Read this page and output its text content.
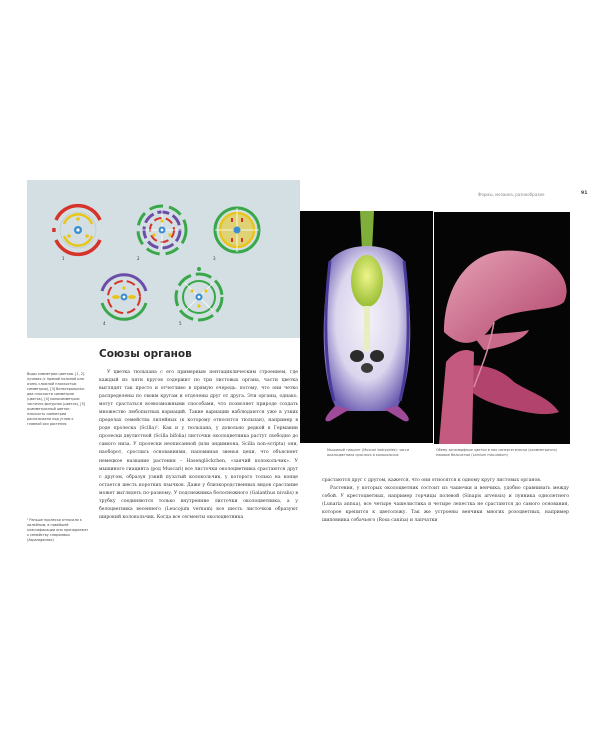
1	2	3
4	5
Союзы органов

Виды симметрии цветков. [1, 2] лучевая (с прямой полиной или очень сложной плоскостью симметрии), [3] билатеральная: два плоскости симметрии (цветок), [4] моносимметрия: частично фигурная (цветок), [5] асимметричный цветок: плоскость симметрии расположена под углом к главной оси растения

¹ Раньше пролески относили к лилейным, в новейшей классификации они принадлежат к семейству спаржевых (Asparagaceae)

У цветка тюльпана с его примерным пентациклическим строением, где каждый из пяти кругов содержит по три листовых органа, части цветка выглядят так просто и отчетливо в прямую очередь: потому, что они четко распределены по своим кругам и отделены друг от друга. Эти органы, однако, могут срастаться всевозможными способами, что позволяет природе создать множество любопытных вариаций. Такие вариации наблюдаются уже в узких пределах семейства лилейных (к которому относится тюльпан), например в роде пролеска (Scilla)¹. Как и у тюльпана, у довольно редкой в Германии пролески двулистной (Scilla bifolia) листочки околоцветника растут свободно до самого низа. У пролески неописанной (или эндимиона, Scilla non-scripta) они, наоборот, срослись основаниями, напоминая звенья цепи, что объясняет немецкое название растения – Hasenglöckchen, «заячий колокольчик». У мышиного гиацинта (род Muscari) все листочки околоцветника срастаются друг с другом, образуя узкий пузатый колокольчик, у которого только на конце остается шесть коротких язычков. Даже у близкородственных видов срастание может выглядеть по-разному. У подснежника белоснежного (Galanthus nivalis) в трубку соединяются только внутренние листочки околоцветника, а у белоцветника весеннего (Leucojum vernum) все шесть листочков образуют широкий колокольчик. Когда все сегменты околоцветника

Формы, мозаика, разнообразие	91

Мышиный гиацинт (Muscari botryoides): части околоцветника срослись в колокольчик

Обему зигоморфные цветки в них синергетически (асимметрично) ежовые бельчатые (Lamium maculatum)

срастаются друг с другом, кажется, что они относятся к одному кругу листовых органов.

Растения, у которых околоцветник состоит из чашечки и венчика, удобно сравнивать между собой. У крестоцветных, например горчицы полевой (Sinapis arvensis) и лунника однолетнего (Lunaria annua), все четыре чашелистика и четыре лепестка не срастаются до самого основания, которое крепится к цветоложу. Так же устроены венчики многих розоцветных, например шиповника собачьего (Rosa canina) и лапчатки
